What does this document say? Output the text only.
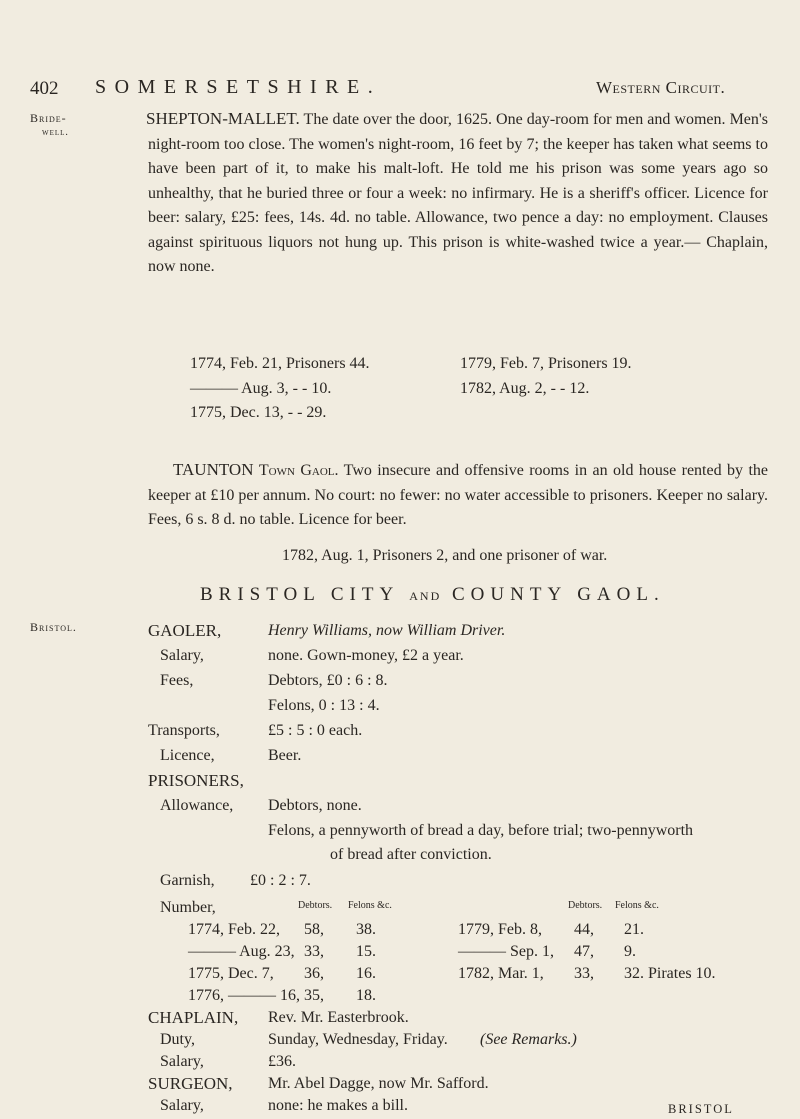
402 SOMERSETSHIRE.	Western Circuit.
Bride-
well.
Bristol.
SHEPTON-MALLET. The date over the door, 1625. One day-room for men and women. Men's night-room too close. The women's night-room, 16 feet by 7; the keeper has taken what seems to have been part of it, to make his malt-loft. He told me his prison was some years ago so unhealthy, that he buried three or four a week: no infirmary. He is a sheriff's officer. Licence for beer: salary, £25: fees, 14s. 4d. no table. Allowance, two pence a day: no employment. Clauses against spirituous liquors not hung up. This prison is white-washed twice a year.— Chaplain, now none.
1774, Feb. 21, Prisoners 44.
——— Aug. 3, - - 10.
1775, Dec. 13, - - 29.
1779, Feb. 7, Prisoners 19.
1782, Aug. 2, - - 12.
TAUNTON Town Gaol. Two insecure and offensive rooms in an old house rented by the keeper at £10 per annum. No court: no fewer: no water accessible to prisoners. Keeper no salary. Fees, 6 s. 8 d. no table. Licence for beer.
1782, Aug. 1, Prisoners 2, and one prisoner of war.
BRISTOL CITY AND COUNTY GAOL.
GAOLER,	Henry Williams, now William Driver.
Salary,	none. Gown-money, £2 a year.
Fees,	Debtors, £0 : 6 : 8.
Felons, 0 : 13 : 4.
Transports,	£5 : 5 : 0 each.
Licence,	Beer.
PRISONERS,
Allowance, Debtors, none.
Felons, a pennyworth of bread a day, before trial; two-pennyworth
of bread after conviction.
Garnish, £0 : 2 : 7.
Number,	Debtors. Felons &c.	Debtors. Felons &c.
1774, Feb. 22, 58, 38.
——— Aug. 23, 33, 15.
1775, Dec. 7, 36, 16.
1776, ——— 16, 35, 18.
1779, Feb. 8, 44, 21.
——— Sep. 1, 47, 9.
1782, Mar. 1, 33, 32. Pirates 10.
CHAPLAIN, Rev. Mr. Easterbrook.
Duty,	Sunday, Wednesday, Friday. (See Remarks.)
Salary,	£36.
SURGEON, Mr. Abel Dagge, now Mr. Safford.
Salary,	none: he makes a bill.	BRISTOL
